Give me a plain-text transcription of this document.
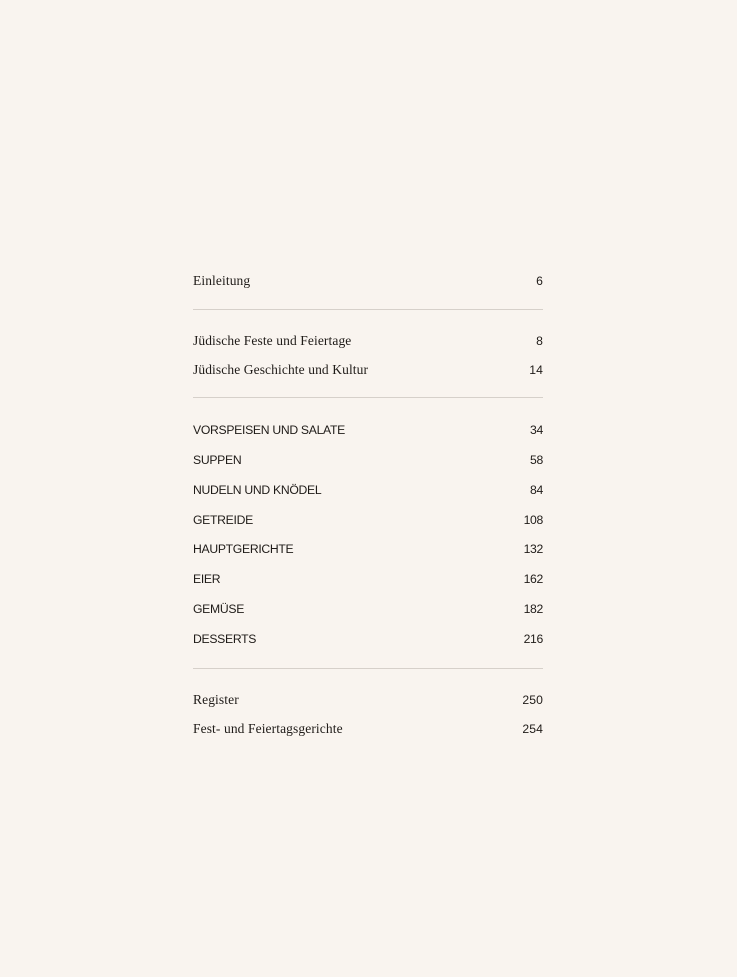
Einleitung	6
Jüdische Feste und Feiertage	8
Jüdische Geschichte und Kultur	14
VORSPEISEN UND SALATE	34
SUPPEN	58
NUDELN UND KNÖDEL	84
GETREIDE	108
HAUPTGERICHTE	132
EIER	162
GEMÜSE	182
DESSERTS	216
Register	250
Fest- und Feiertagsgerichte	254
